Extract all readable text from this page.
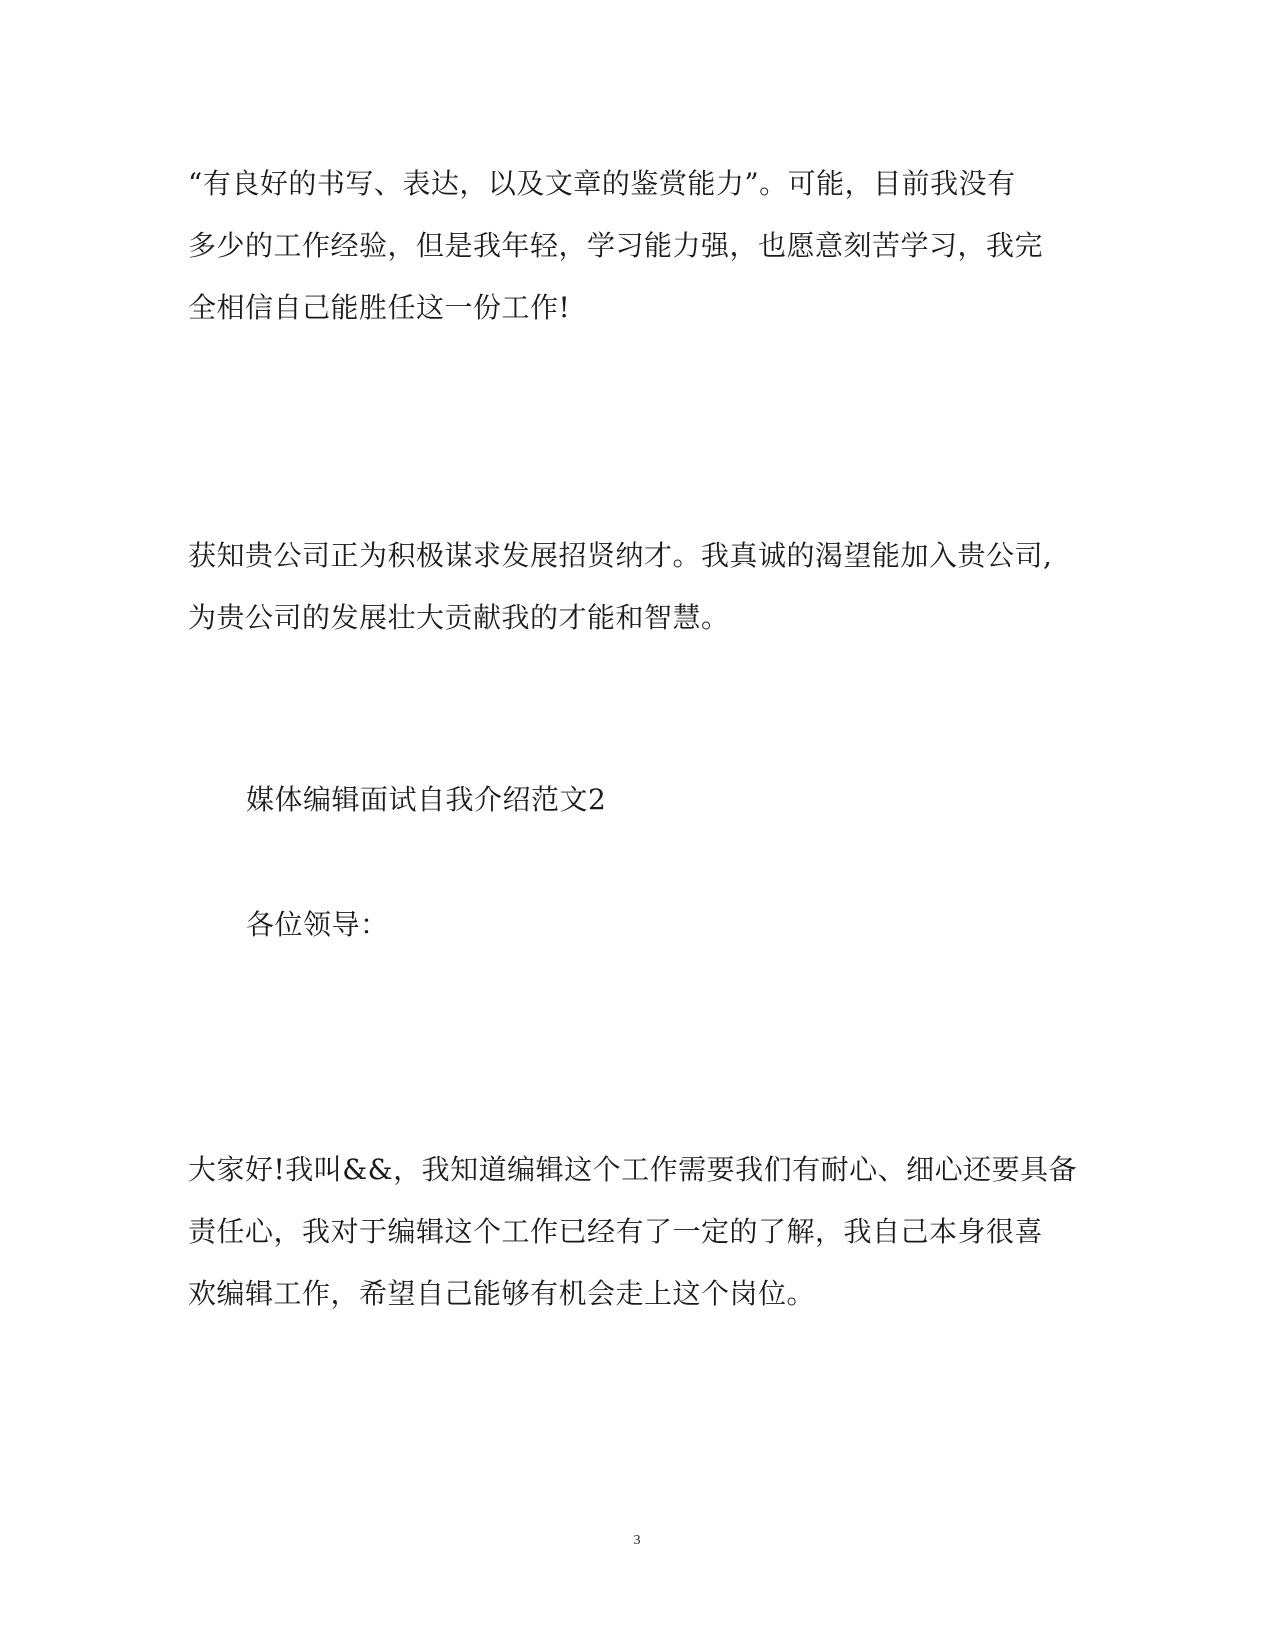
“有良好的书写、表达，以及文章的鉴赏能力”。可能，目前我没有
多少的工作经验，但是我年轻，学习能力强，也愿意刻苦学习，我完
全相信自己能胜任这一份工作!
获知贵公司正为积极谋求发展招贤纳才。我真诚的渴望能加入贵公司,
为贵公司的发展壮大贡献我的才能和智慧。
媒体编辑面试自我介绍范文2
各位领导：
大家好!我叫&&，我知道编辑这个工作需要我们有耐心、细心还要具备
责任心，我对于编辑这个工作已经有了一定的了解，我自己本身很喜
欢编辑工作，希望自己能够有机会走上这个岗位。
3
